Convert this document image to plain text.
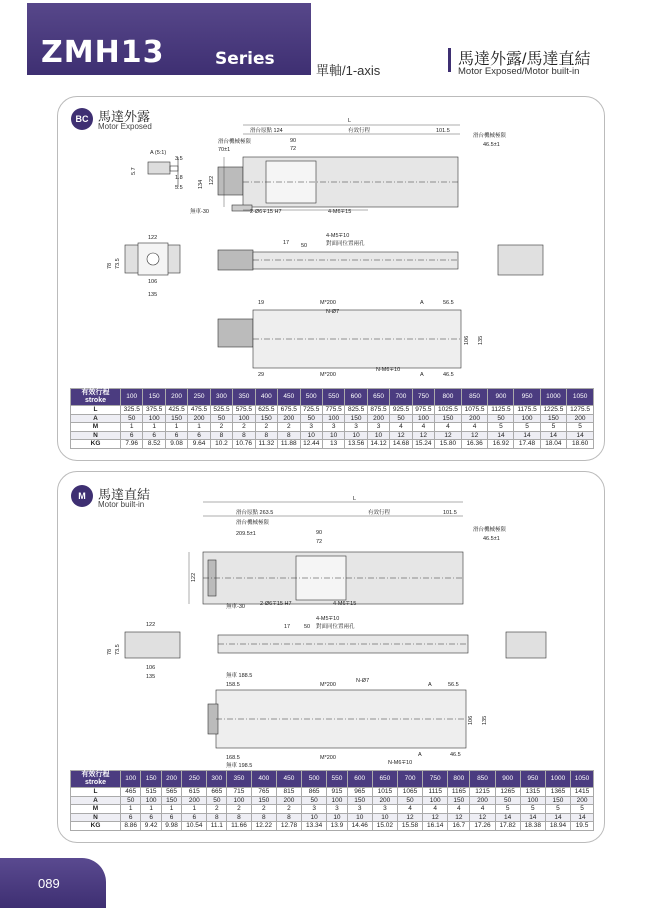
ZMH13	Series
單軸/1-axis
馬達外露/馬達直結
Motor Exposed/Motor built-in
BC 馬達外露
Motor Exposed
A (5:1)
3.5
5.7
1.8
5.5
L
滑台原點 124	有效行程	101.5
滑台機械極限
70±1
滑台機械極限
46.5±1
90
72
134 122
無車-30	2-Ø6∓15 H7	4-M6∓15
122
78 73.5
106
135
17 50
4-M5∓10
對面同位置兩孔
19	M*200	A	56.5
N-Ø7
106 135
29	M*200	A	46.5
N-M6∓10
有效行程
stroke	100	150	200	250	300	350	400	450	500	550	600	650	700	750	800	850	900	950	1000	1050
L	325.5	375.5	425.5	475.5	525.5	575.5	625.5	675.5	725.5	775.5	825.5	875.5	925.5	975.5	1025.5	1075.5	1125.5	1175.5	1225.5	1275.5
A	50	100	150	200	50	100	150	200	50	100	150	200	50	100	150	200	50	100	150	200
M	1	1	1	1	2	2	2	2	3	3	3	3	4	4	4	4	5	5	5	5
N	6	6	6	6	8	8	8	8	10	10	10	10	12	12	12	12	14	14	14	14
KG	7.96	8.52	9.08	9.64	10.2	10.76	11.32	11.88	12.44	13	13.56	14.12	14.68	15.24	15.80	16.36	16.92	17.48	18.04	18.60
M 馬達直結
Motor built-in
L
滑台原點 263.5	有效行程	101.5
滑台機械極限
209.5±1
滑台機械極限
46.5±1
90
72
122
無車-30	2-Ø6∓15 H7	4-M6∓15
122
78 73.5
106
135
17	50
4-M5∓10
對面同位置兩孔
無車 188.5
158.5	M*200
N-Ø7
A	56.5
106 135
168.5	M*200	A	46.5
無車 198.5	N-M6∓10
有效行程
stroke	100	150	200	250	300	350	400	450	500	550	600	650	700	750	800	850	900	950	1000	1050
L	465	515	565	615	665	715	765	815	865	915	965	1015	1065	1115	1165	1215	1265	1315	1365	1415
A	50	100	150	200	50	100	150	200	50	100	150	200	50	100	150	200	50	100	150	200
M	1	1	1	1	2	2	2	2	3	3	3	3	4	4	4	4	5	5	5	5
N	6	6	6	6	8	8	8	8	10	10	10	10	12	12	12	12	14	14	14	14
KG	8.86	9.42	9.98	10.54	11.1	11.66	12.22	12.78	13.34	13.9	14.46	15.02	15.58	16.14	16.7	17.26	17.82	18.38	18.94	19.5
089
